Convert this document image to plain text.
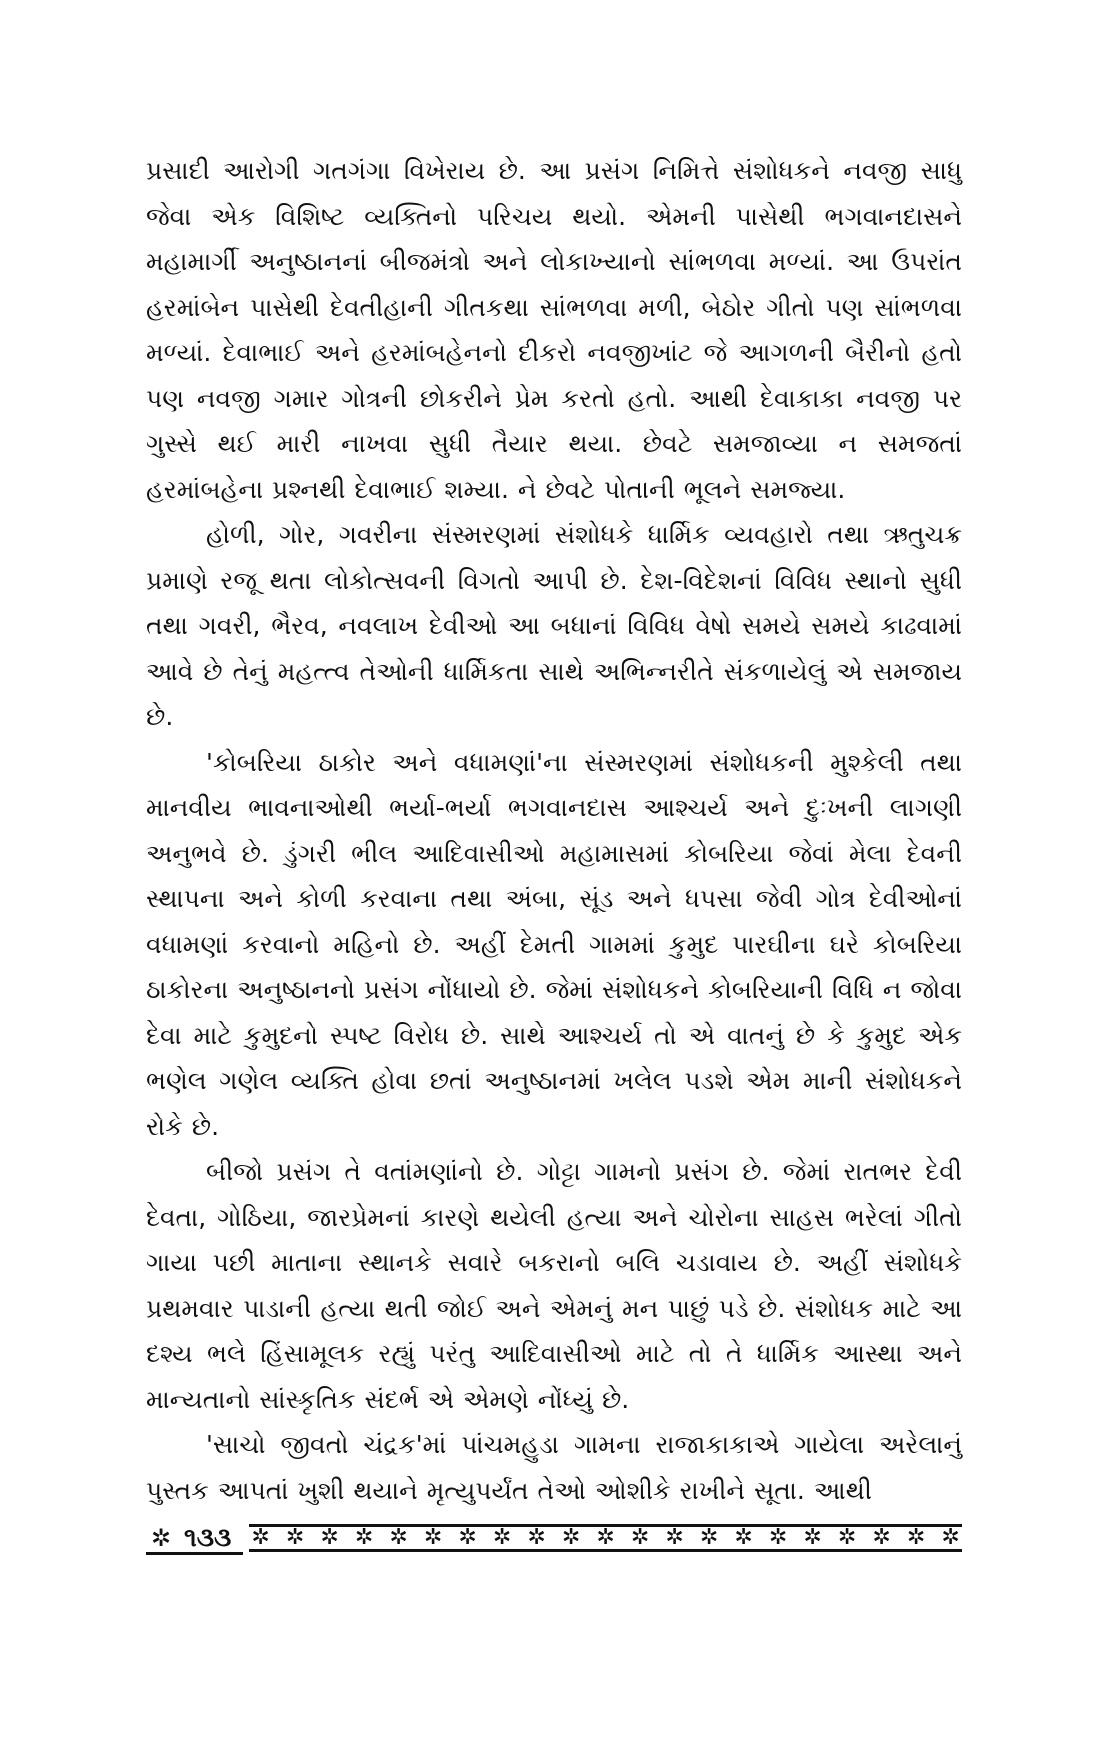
પ્રસાદી આરોગી ગતગંગા વિખેરાય છે. આ પ્રસંગ નિમિત્તે સંશોધકને નવજી સાધુ જેવા એક વિશિષ્ટ વ્યક્તિનો પરિચય થયો. એમની પાસેથી ભગવાનદાસને મહામાર્ગી અનુષ્ઠાનનાં બીજમંત્રો અને લોકાખ્યાનો સાંભળવા મળ્યાં. આ ઉપરાંત હરમાંબેન પાસેથી દેવતીહાની ગીતકથા સાંભળવા મળી, બેઠોર ગીતો પણ સાંભળવા મળ્યાં. દેવાભાઈ અને હરમાંબહેનનો દીકરો નવજીખાંટ જે આગળની બૈરીનો હતો પણ નવજી ગમાર ગોત્રની છોકરીને પ્રેમ કરતો હતો. આથી દેવાકાકા નવજી પર ગુસ્સે થઈ મારી નાખવા સુધી તૈયાર થયા. છેવટે સમજાવ્યા ન સમજતાં હરમાંબહેના પ્રશ્નથી દેવાભાઈ શમ્યા. ને છેવટે પોતાની ભૂલને સમજ્યા.

હોળી, ગોર, ગવરીના સંસ્મરણમાં સંશોધકે ધાર્મિક વ્યવહારો તથા ઋતુચક્ર પ્રમાણે રજૂ થતા લોકોત્સવની વિગતો આપી છે. દેશ-વિદેશનાં વિવિધ સ્થાનો સુધી તથા ગવરી, ભૈરવ, નવલાખ દેવીઓ આ બધાનાં વિવિધ વેષો સમયે સમયે કાઢવામાં આવે છે તેનું મહત્ત્વ તેઓની ધાર્મિકતા સાથે અભિન્નરીતે સંકળાયેલું એ સમજાય છે.

'કોબરિયા ઠાકોર અને વધામણાં'ના સંસ્મરણમાં સંશોધકની મુશ્કેલી તથા માનવીય ભાવનાઓથી ભર્યા-ભર્યા ભગવાનદાસ આશ્ચર્ય અને દુઃખની લાગણી અનુભવે છે. ડુંગરી ભીલ આદિવાસીઓ મહામાસમાં કોબરિયા જેવાં મેલા દેવની સ્થાપના અને કોળી કરવાના તથા અંબા, સૂંડ અને ધપસા જેવી ગોત્ર દેવીઓનાં વધામણાં કરવાનો મહિનો છે. અહીં દેમતી ગામમાં કુમુદ પારઘીના ઘરે કોબરિયા ઠાકોરના અનુષ્ઠાનનો પ્રસંગ નોંધાયો છે. જેમાં સંશોધકને કોબરિયાની વિધિ ન જોવા દેવા માટે કુમુદનો સ્પષ્ટ વિરોધ છે. સાથે આશ્ચર્ય તો એ વાતનું છે કે કુમુદ એક ભણેલ ગણેલ વ્યક્તિ હોવા છતાં અનુષ્ઠાનમાં ખલેલ પડશે એમ માની સંશોધકને રોકે છે.

બીજો પ્રસંગ તે વતાંમણાંનો છે. ગોટ્ટા ગામનો પ્રસંગ છે. જેમાં રાતભર દેવી દેવતા, ગોઠિયા, જારપ્રેમનાં કારણે થયેલી હત્યા અને ચોરોના સાહસ ભરેલાં ગીતો ગાયા પછી માતાના સ્થાનકે સવારે બકરાનો બલિ ચડાવાય છે. અહીં સંશોધકે પ્રથમવાર પાડાની હત્યા થતી જોઈ અને એમનું મન પાછું પડે છે. સંશોધક માટે આ દશ્ય ભલે હિંસામૂલક રહ્યું પરંતુ આદિવાસીઓ માટે તો તે ધાર્મિક આસ્થા અને માન્યતાનો સાંસ્કૃતિક સંદર્ભ એ એમણે નોંધ્યું છે.

'સાચો જીવતો ચંદ્રક'માં પાંચમહુડા ગામના રાજાકાકાએ ગાયેલા અરેલાનું પુસ્તક આપતાં ખુશી થયાને મૃત્યુપર્યંત તેઓ ઓશીકે રાખીને સૂતા. આથી

✲ ૧૩૩ ✲ ✲ ✲ ✲ ✲ ✲ ✲ ✲ ✲ ✲ ✲ ✲ ✲ ✲ ✲ ✲ ✲ ✲ ✲ ✲ ✲
